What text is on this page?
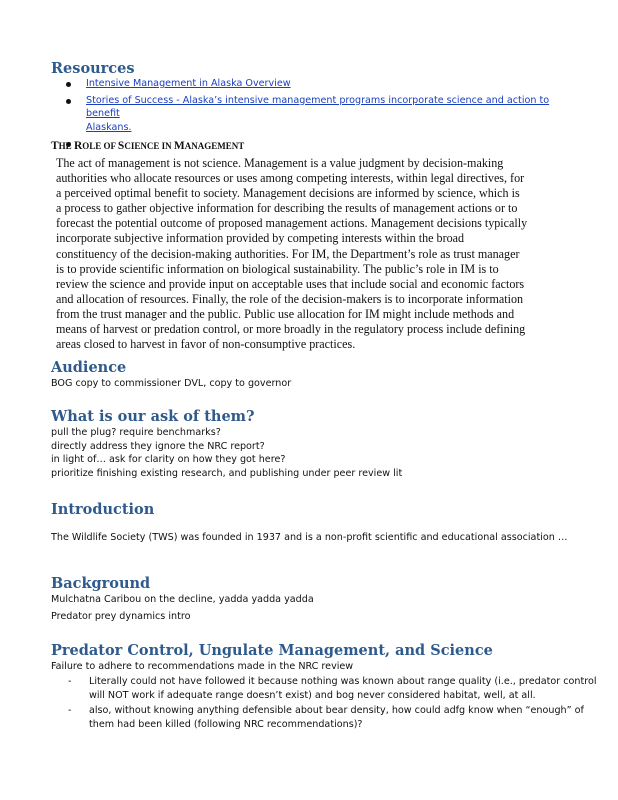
Resources
Intensive Management in Alaska Overview
Stories of Success - Alaska’s intensive management programs incorporate science and action to benefit
Alaskans.
THE ROLE OF SCIENCE IN MANAGEMENT
The act of management is not science. Management is a value judgment by decision-making
authorities who allocate resources or uses among competing interests, within legal directives, for
a perceived optimal benefit to society. Management decisions are informed by science, which is
a process to gather objective information for describing the results of management actions or to
forecast the potential outcome of proposed management actions. Management decisions typically
incorporate subjective information provided by competing interests within the broad
constituency of the decision-making authorities. For IM, the Department’s role as trust manager
is to provide scientific information on biological sustainability. The public’s role in IM is to
review the science and provide input on acceptable uses that include social and economic factors
and allocation of resources. Finally, the role of the decision-makers is to incorporate information
from the trust manager and the public. Public use allocation for IM might include methods and
means of harvest or predation control, or more broadly in the regulatory process include defining
areas closed to harvest in favor of non-consumptive practices.
Audience
BOG copy to commissioner DVL, copy to governor
What is our ask of them?
pull the plug? require benchmarks?
directly address they ignore the NRC report?
in light of… ask for clarity on how they got here?
prioritize finishing existing research, and publishing under peer review lit
Introduction
The Wildlife Society (TWS) was founded in 1937 and is a non-profit scientific and educational association …
Background
Mulchatna Caribou on the decline, yadda yadda yadda
Predator prey dynamics intro
Predator Control, Ungulate Management, and Science
Failure to adhere to recommendations made in the NRC review
- Literally could not have followed it because nothing was known about range quality (i.e., predator control
will NOT work if adequate range doesn’t exist) and bog never considered habitat, well, at all.
- also, without knowing anything defensible about bear density, how could adfg know when “enough” of
them had been killed (following NRC recommendations)?
